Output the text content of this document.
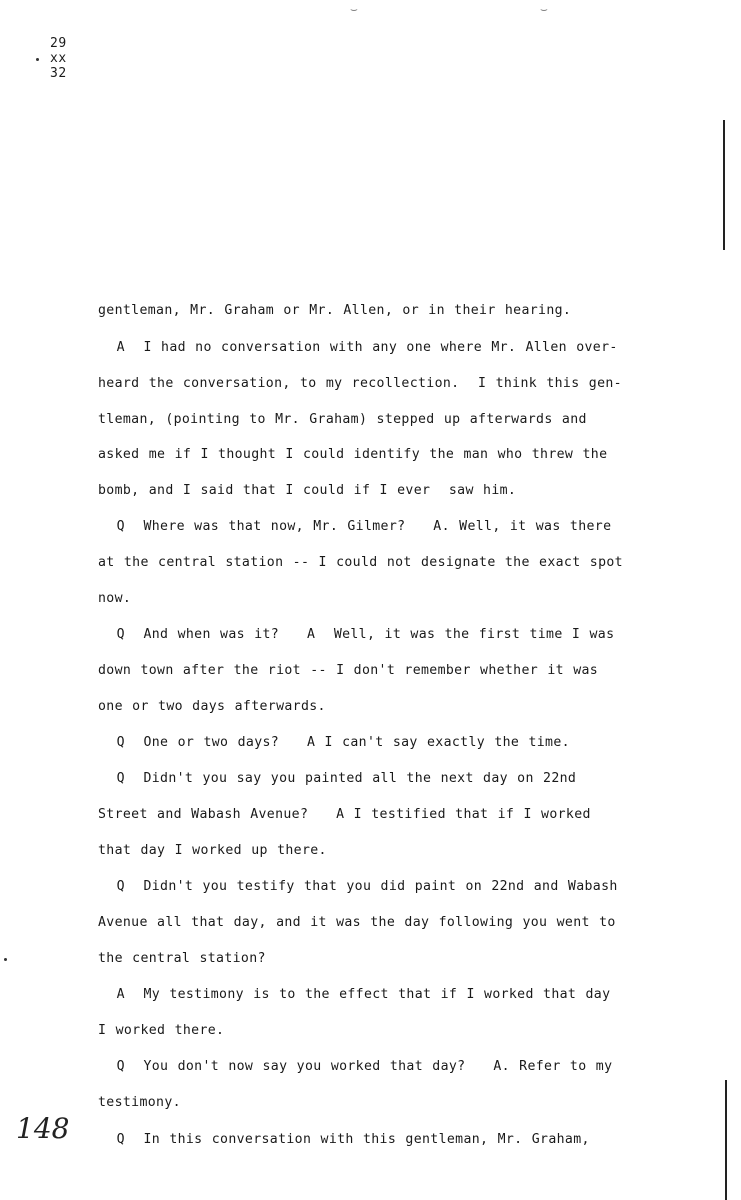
29
xx
32
⌣	⌣
gentleman, Mr. Graham or Mr. Allen, or in their hearing.
A  I had no conversation with any one where Mr. Allen over-
heard the conversation, to my recollection.  I think this gen-
tleman, (pointing to Mr. Graham) stepped up afterwards and
asked me if I thought I could identify the man who threw the
bomb, and I said that I could if I ever  saw him.
Q  Where was that now, Mr. Gilmer?   A. Well, it was there
at the central station -- I could not designate the exact spot
now.
Q  And when was it?   A  Well, it was the first time I was
down town after the riot -- I don't remember whether it was
one or two days afterwards.
Q  One or two days?   A I can't say exactly the time.
Q  Didn't you say you painted all the next day on 22nd
Street and Wabash Avenue?   A I testified that if I worked
that day I worked up there.
Q  Didn't you testify that you did paint on 22nd and Wabash
Avenue all that day, and it was the day following you went to
the central station?
A  My testimony is to the effect that if I worked that day
I worked there.
Q  You don't now say you worked that day?   A. Refer to my
testimony.
Q  In this conversation with this gentleman, Mr. Graham,
148
